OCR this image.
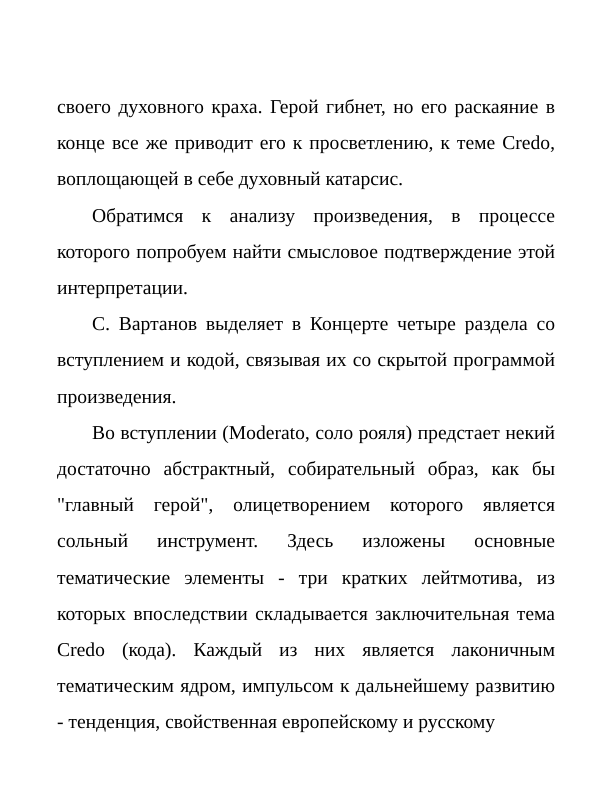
своего духовного краха. Герой гибнет, но его раскаяние в конце все же приводит его к просветлению, к теме Credo, воплощающей в себе духовный катарсис.

Обратимся к анализу произведения, в процессе которого попробуем найти смысловое подтверждение этой интерпретации.

С. Вартанов выделяет в Концерте четыре раздела со вступлением и кодой, связывая их со скрытой программой произведения.

Во вступлении (Moderato, соло рояля) предстает некий достаточно абстрактный, собирательный образ, как бы "главный герой", олицетворением которого является сольный инструмент. Здесь изложены основные тематические элементы - три кратких лейтмотива, из которых впоследствии складывается заключительная тема Credo (кода). Каждый из них является лаконичным тематическим ядром, импульсом к дальнейшему развитию - тенденция, свойственная европейскому и русскому
